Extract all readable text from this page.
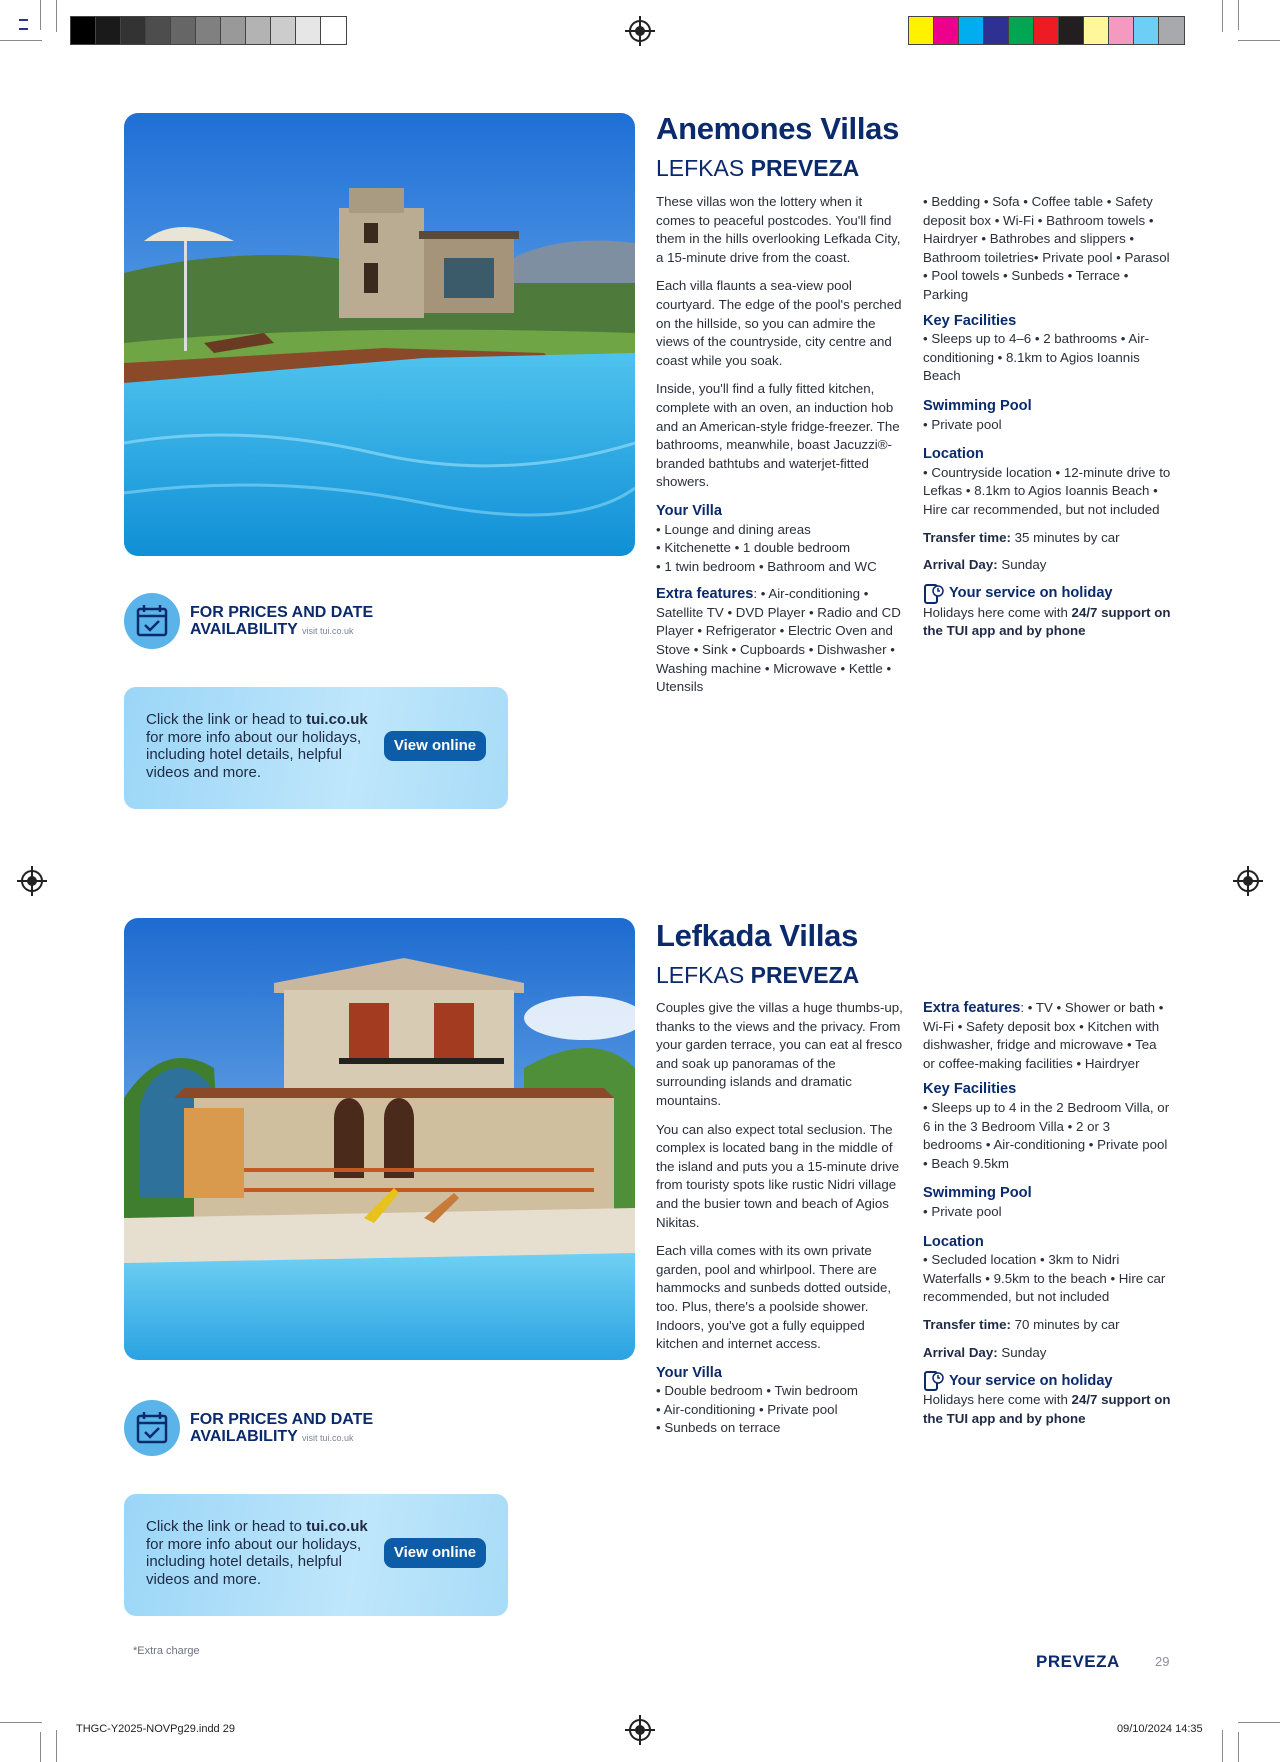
Anemones Villas
LEFKAS PREVEZA

These villas won the lottery when it comes to peaceful postcodes. You'll find them in the hills overlooking Lefkada City, a 15-minute drive from the coast.

Each villa flaunts a sea-view pool courtyard. The edge of the pool's perched on the hillside, so you can admire the views of the countryside, city centre and coast while you soak.

Inside, you'll find a fully fitted kitchen, complete with an oven, an induction hob and an American-style fridge-freezer. The bathrooms, meanwhile, boast Jacuzzi®-branded bathtubs and waterjet-fitted showers.

Your Villa
• Lounge and dining areas
• Kitchenette • 1 double bedroom
• 1 twin bedroom • Bathroom and WC
Extra features: • Air-conditioning • Satellite TV • DVD Player • Radio and CD Player • Refrigerator • Electric Oven and Stove • Sink • Cupboards • Dishwasher • Washing machine • Microwave • Kettle • Utensils
• Bedding • Sofa • Coffee table • Safety deposit box • Wi-Fi • Bathroom towels • Hairdryer • Bathrobes and slippers • Bathroom toiletries• Private pool • Parasol • Pool towels • Sunbeds • Terrace • Parking
Key Facilities
• Sleeps up to 4–6 • 2 bathrooms • Air-conditioning • 8.1km to Agios Ioannis Beach
Swimming Pool
• Private pool
Location
• Countryside location • 12-minute drive to Lefkas • 8.1km to Agios Ioannis Beach • Hire car recommended, but not included
Transfer time: 35 minutes by car
Arrival Day: Sunday
Your service on holiday
Holidays here come with 24/7 support on the TUI app and by phone
FOR PRICES AND DATE
AVAILABILITY visit tui.co.uk
Click the link or head to tui.co.uk for more info about our holidays, including hotel details, helpful videos and more.
View online
Lefkada Villas
LEFKAS PREVEZA

Couples give the villas a huge thumbs-up, thanks to the views and the privacy. From your garden terrace, you can eat al fresco and soak up panoramas of the surrounding islands and dramatic mountains.

You can also expect total seclusion. The complex is located bang in the middle of the island and puts you a 15-minute drive from touristy spots like rustic Nidri village and the busier town and beach of Agios Nikitas.

Each villa comes with its own private garden, pool and whirlpool. There are hammocks and sunbeds dotted outside, too. Plus, there's a poolside shower. Indoors, you've got a fully equipped kitchen and internet access.

Your Villa
• Double bedroom • Twin bedroom
• Air-conditioning • Private pool
• Sunbeds on terrace
Extra features: • TV • Shower or bath • Wi-Fi • Safety deposit box • Kitchen with dishwasher, fridge and microwave • Tea or coffee-making facilities • Hairdryer
Key Facilities
• Sleeps up to 4 in the 2 Bedroom Villa, or 6 in the 3 Bedroom Villa • 2 or 3 bedrooms • Air-conditioning • Private pool • Beach 9.5km
Swimming Pool
• Private pool
Location
• Secluded location • 3km to Nidri Waterfalls • 9.5km to the beach • Hire car recommended, but not included
Transfer time: 70 minutes by car
Arrival Day: Sunday
Your service on holiday
Holidays here come with 24/7 support on the TUI app and by phone
FOR PRICES AND DATE
AVAILABILITY visit tui.co.uk
Click the link or head to tui.co.uk for more info about our holidays, including hotel details, helpful videos and more.
View online
*Extra charge
PREVEZA	29
THGC-Y2025-NOVPg29.indd 29	09/10/2024 14:35
